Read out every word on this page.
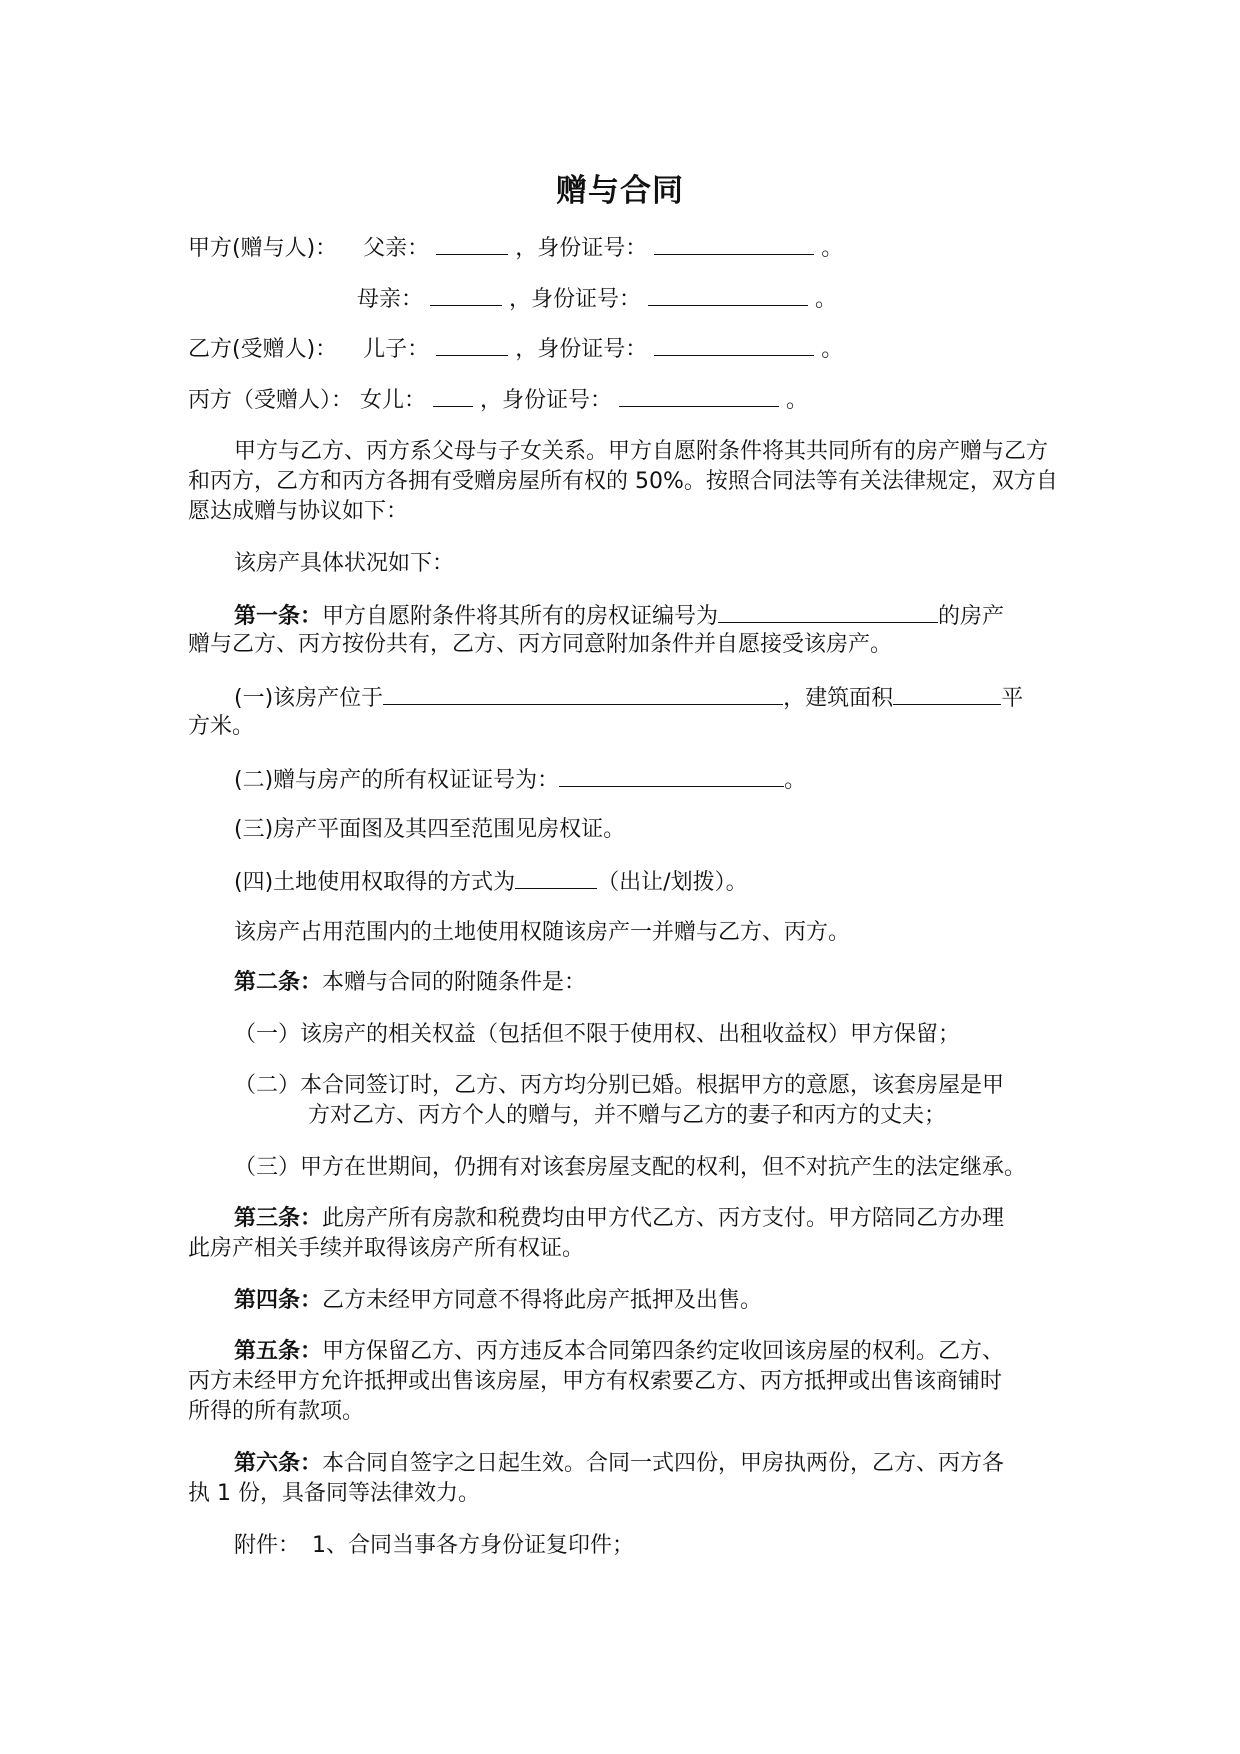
赠与合同
甲方(赠与人)： 父亲：	，身份证号：	。
母亲：	，身份证号：	。
乙方(受赠人)： 儿子：	，身份证号：	。
丙方（受赠人）： 女儿： ，身份证号：	。
甲方与乙方、丙方系父母与子女关系。甲方自愿附条件将其共同所有的房产赠与乙方和丙方，乙方和丙方各拥有受赠房屋所有权的 50%。按照合同法等有关法律规定，双方自愿达成赠与协议如下：
该房产具体状况如下：
第一条：甲方自愿附条件将其所有的房权证编号为	的房产
赠与乙方、丙方按份共有，乙方、丙方同意附加条件并自愿接受该房产。
(一)该房产位于	，建筑面积	平
方米。
(二)赠与房产的所有权证证号为：	。
(三)房产平面图及其四至范围见房权证。
(四)土地使用权取得的方式为	（出让/划拨）。
该房产占用范围内的土地使用权随该房产一并赠与乙方、丙方。
第二条：本赠与合同的附随条件是：
（一）该房产的相关权益（包括但不限于使用权、出租收益权）甲方保留；
（二）本合同签订时，乙方、丙方均分别已婚。根据甲方的意愿，该套房屋是甲
方对乙方、丙方个人的赠与，并不赠与乙方的妻子和丙方的丈夫；
（三）甲方在世期间，仍拥有对该套房屋支配的权利，但不对抗产生的法定继承。
第三条：此房产所有房款和税费均由甲方代乙方、丙方支付。甲方陪同乙方办理
此房产相关手续并取得该房产所有权证。
第四条：乙方未经甲方同意不得将此房产抵押及出售。
第五条：甲方保留乙方、丙方违反本合同第四条约定收回该房屋的权利。乙方、
丙方未经甲方允许抵押或出售该房屋，甲方有权索要乙方、丙方抵押或出售该商铺时
所得的所有款项。
第六条：本合同自签字之日起生效。合同一式四份，甲房执两份，乙方、丙方各
执 1 份，具备同等法律效力。
附件： 1、合同当事各方身份证复印件；
